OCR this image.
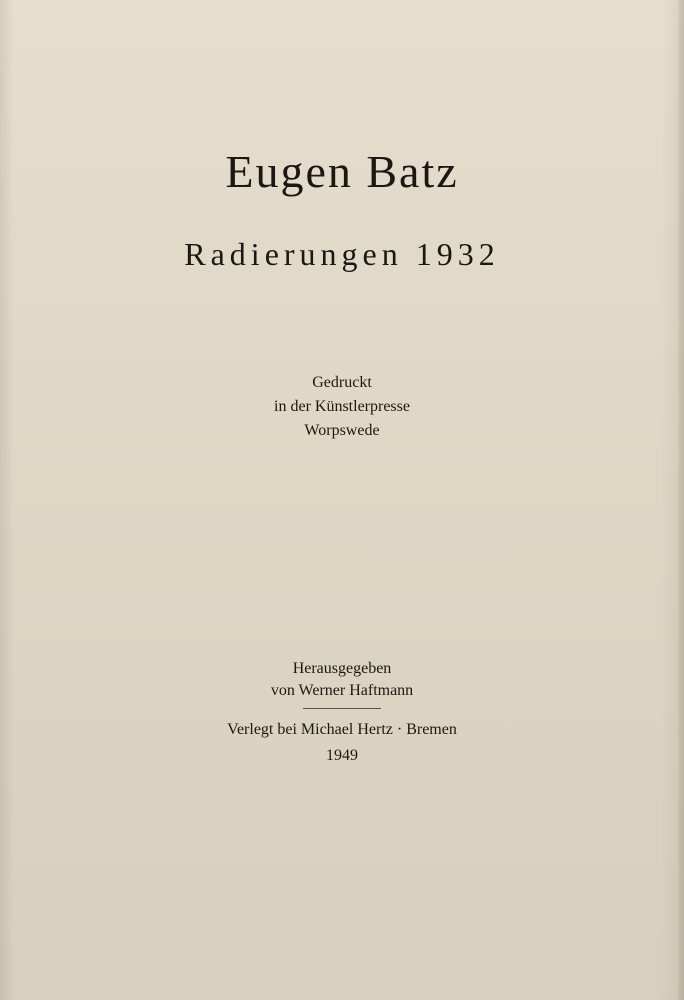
Eugen Batz
Radierungen 1932
Gedruckt
in der Künstlerpresse
Worpswede
Herausgegeben
von Werner Haftmann
Verlegt bei Michael Hertz · Bremen
1949
